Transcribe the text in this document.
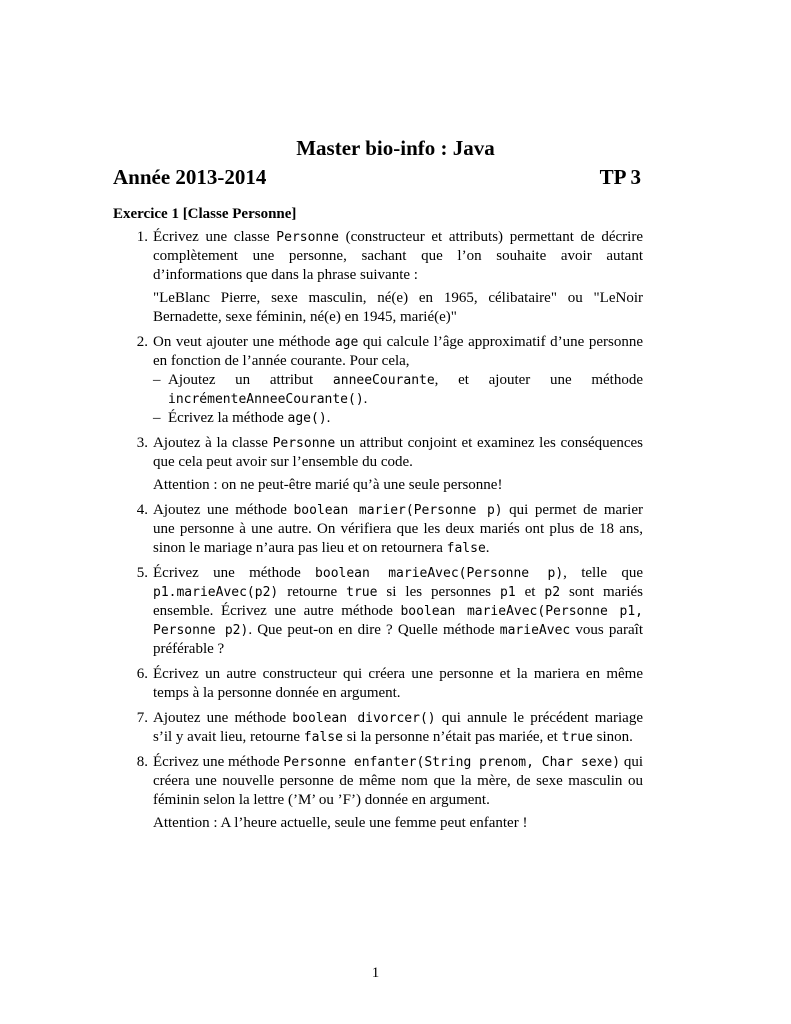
Master bio-info : Java
Année 2013-2014	TP 3
Exercice 1 [Classe Personne]
1. Écrivez une classe Personne (constructeur et attributs) permettant de décrire complètement une personne, sachant que l’on souhaite avoir autant d’informations que dans la phrase suivante :

"LeBlanc Pierre, sexe masculin, né(e) en 1965, célibataire" ou "LeNoir Bernadette, sexe féminin, né(e) en 1945, marié(e)"

2. On veut ajouter une méthode age qui calcule l’âge approximatif d’une personne en fonction de l’année courante. Pour cela,

– Ajoutez un attribut anneeCourante, et ajouter une méthode incrémenteAnneeCourante().
– Écrivez la méthode age().
3. Ajoutez à la classe Personne un attribut conjoint et examinez les conséquences que cela peut avoir sur l’ensemble du code.

Attention : on ne peut-être marié qu’à une seule personne!

4. Ajoutez une méthode boolean marier(Personne p) qui permet de marier une personne à une autre. On vérifiera que les deux mariés ont plus de 18 ans, sinon le mariage n’aura pas lieu et on retournera false.

5. Écrivez une méthode boolean marieAvec(Personne p), telle que p1.marieAvec(p2) retourne true si les personnes p1 et p2 sont mariés ensemble. Écrivez une autre méthode boolean marieAvec(Personne p1, Personne p2). Que peut-on en dire ? Quelle méthode marieAvec vous paraît préférable ?

6. Écrivez un autre constructeur qui créera une personne et la mariera en même temps à la personne donnée en argument.

7. Ajoutez une méthode boolean divorcer() qui annule le précédent mariage s’il y avait lieu, retourne false si la personne n’était pas mariée, et true sinon.

8. Écrivez une méthode Personne enfanter(String prenom, Char sexe) qui créera une nouvelle personne de même nom que la mère, de sexe masculin ou féminin selon la lettre (’M’ ou ’F’) donnée en argument.

Attention : A l’heure actuelle, seule une femme peut enfanter !

1
